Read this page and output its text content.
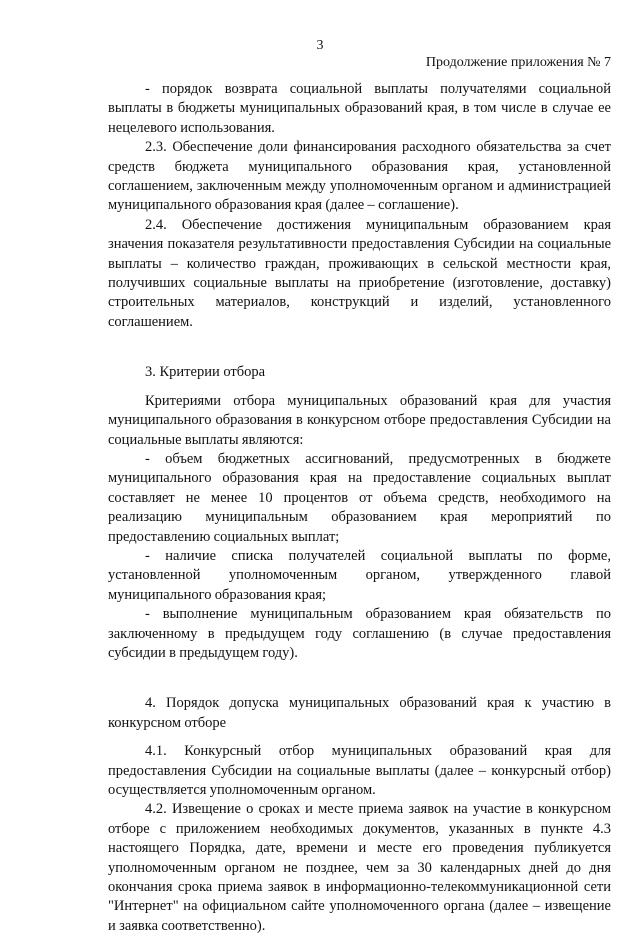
3
Продолжение приложения № 7

- порядок возврата социальной выплаты получателями социальной выплаты в бюджеты муниципальных образований края, в том числе в случае ее нецелевого использования.

2.3. Обеспечение доли финансирования расходного обязательства за счет средств бюджета муниципального образования края, установленной соглашением, заключенным между уполномоченным органом и администрацией муниципального образования края (далее – соглашение).

2.4. Обеспечение достижения муниципальным образованием края значения показателя результативности предоставления Субсидии на социальные выплаты – количество граждан, проживающих в сельской местности края, получивших социальные выплаты на приобретение (изготовление, доставку) строительных материалов, конструкций и изделий, установленного соглашением.

3. Критерии отбора

Критериями отбора муниципальных образований края для участия муниципального образования в конкурсном отборе предоставления Субсидии на социальные выплаты являются:

- объем бюджетных ассигнований, предусмотренных в бюджете муниципального образования края на предоставление социальных выплат составляет не менее 10 процентов от объема средств, необходимого на реализацию муниципальным образованием края мероприятий по предоставлению социальных выплат;

- наличие списка получателей социальной выплаты по форме, установленной уполномоченным органом, утвержденного главой муниципального образования края;

- выполнение муниципальным образованием края обязательств по заключенному в предыдущем году соглашению (в случае предоставления субсидии в предыдущем году).

4. Порядок допуска муниципальных образований края к участию в конкурсном отборе

4.1. Конкурсный отбор муниципальных образований края для предоставления Субсидии на социальные выплаты (далее – конкурсный отбор) осуществляется уполномоченным органом.

4.2. Извещение о сроках и месте приема заявок на участие в конкурсном отборе с приложением необходимых документов, указанных в пункте 4.3 настоящего Порядка, дате, времени и месте его проведения публикуется уполномоченным органом не позднее, чем за 30 календарных дней до дня окончания срока приема заявок в информационно-телекоммуникационной сети "Интернет" на официальном сайте уполномоченного органа (далее – извещение и заявка соответственно).
